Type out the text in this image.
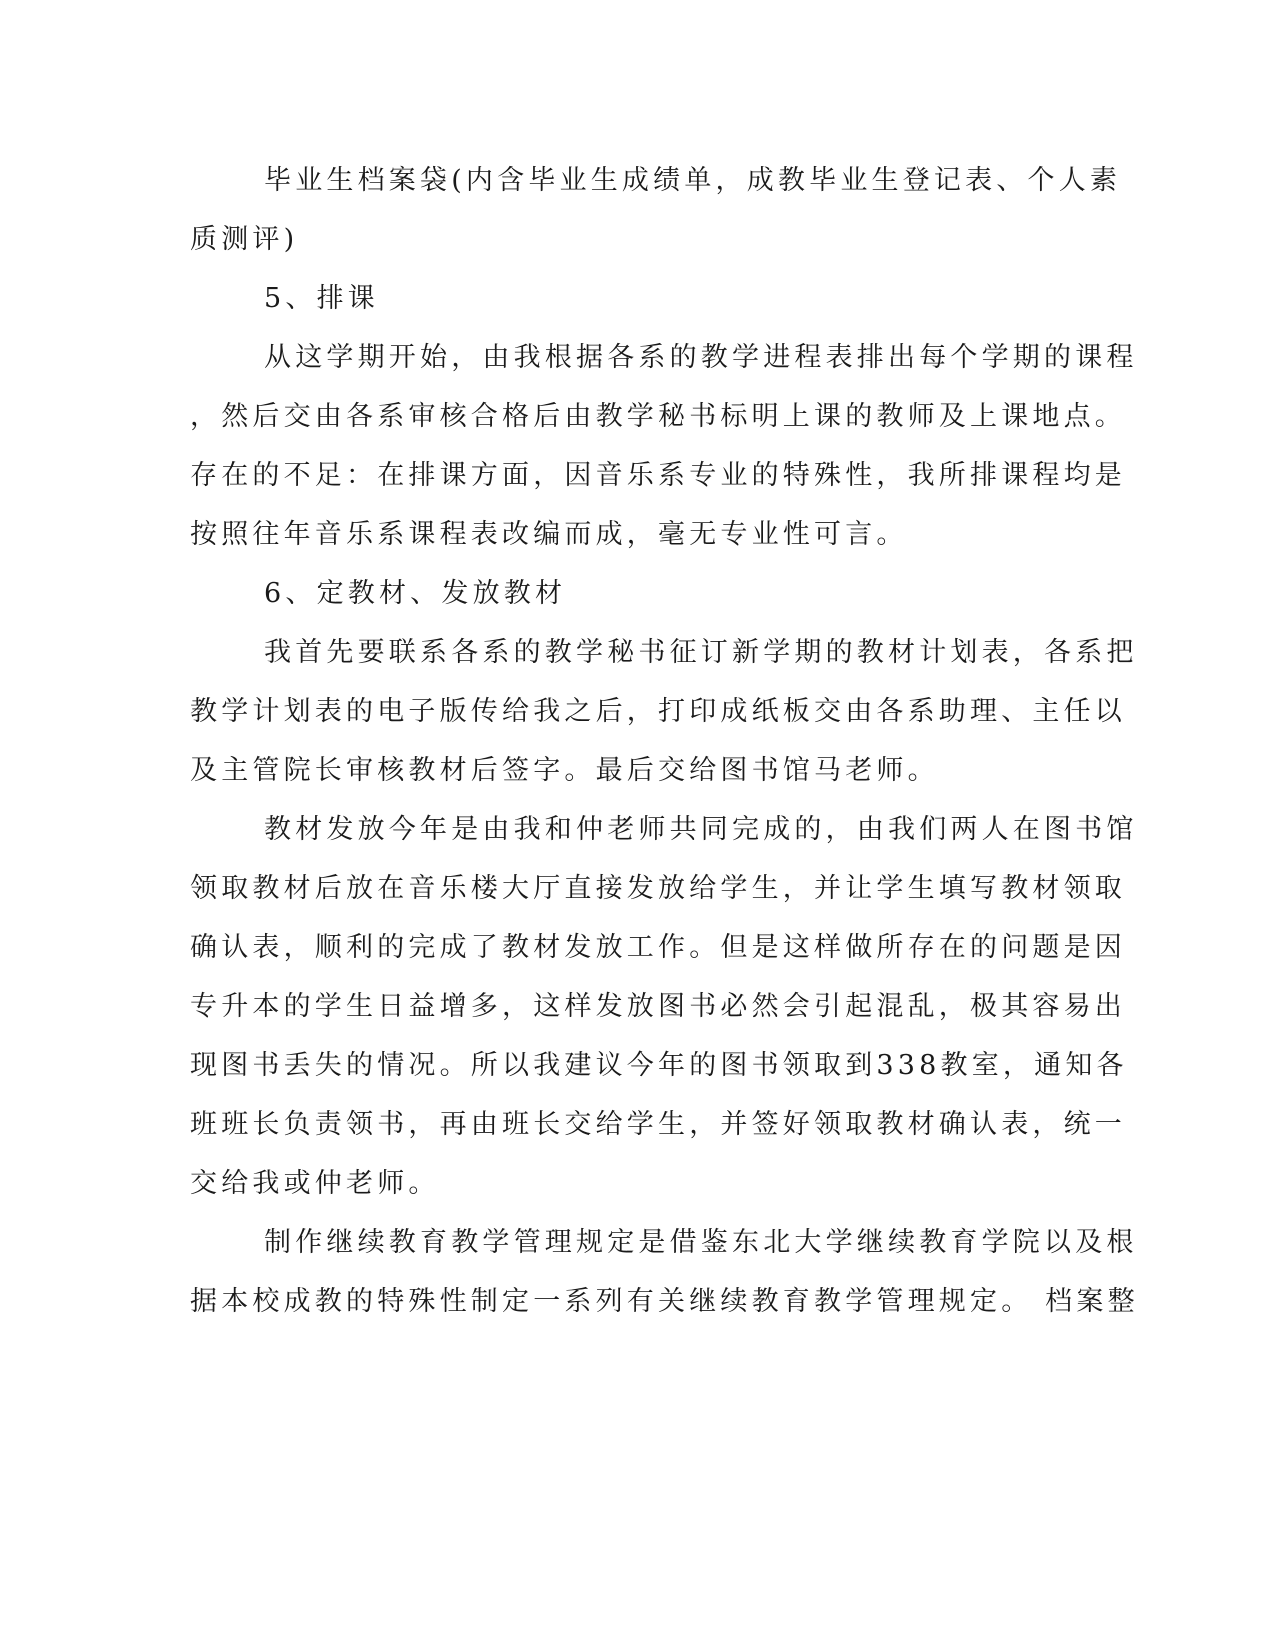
毕业生档案袋(内含毕业生成绩单，成教毕业生登记表、个人素
质测评)
5、排课
从这学期开始，由我根据各系的教学进程表排出每个学期的课程
，然后交由各系审核合格后由教学秘书标明上课的教师及上课地点。
存在的不足：在排课方面，因音乐系专业的特殊性，我所排课程均是
按照往年音乐系课程表改编而成，毫无专业性可言。
6、定教材、发放教材
我首先要联系各系的教学秘书征订新学期的教材计划表，各系把
教学计划表的电子版传给我之后，打印成纸板交由各系助理、主任以
及主管院长审核教材后签字。最后交给图书馆马老师。
教材发放今年是由我和仲老师共同完成的，由我们两人在图书馆
领取教材后放在音乐楼大厅直接发放给学生，并让学生填写教材领取
确认表，顺利的完成了教材发放工作。但是这样做所存在的问题是因
专升本的学生日益增多，这样发放图书必然会引起混乱，极其容易出
现图书丢失的情况。所以我建议今年的图书领取到338教室，通知各
班班长负责领书，再由班长交给学生，并签好领取教材确认表，统一
交给我或仲老师。
制作继续教育教学管理规定是借鉴东北大学继续教育学院以及根
据本校成教的特殊性制定一系列有关继续教育教学管理规定。 档案整
